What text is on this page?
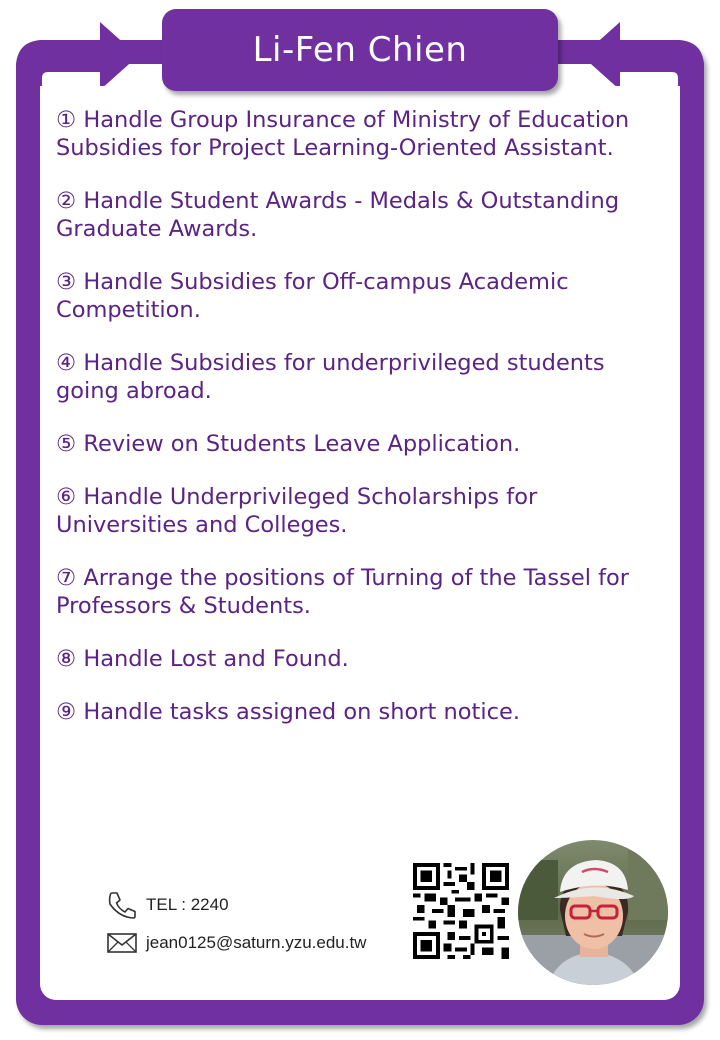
Li-Fen Chien
① Handle Group Insurance of Ministry of Education Subsidies for Project Learning-Oriented Assistant.
② Handle Student Awards - Medals & Outstanding Graduate Awards.
③ Handle Subsidies for Off-campus Academic Competition.
④ Handle Subsidies for underprivileged students going abroad.
⑤ Review on Students Leave Application.
⑥ Handle Underprivileged Scholarships for Universities and Colleges.
⑦ Arrange the positions of Turning of the Tassel for Professors & Students.
⑧ Handle Lost and Found.
⑨ Handle tasks assigned on short notice.
TEL : 2240
jean0125@saturn.yzu.edu.tw
